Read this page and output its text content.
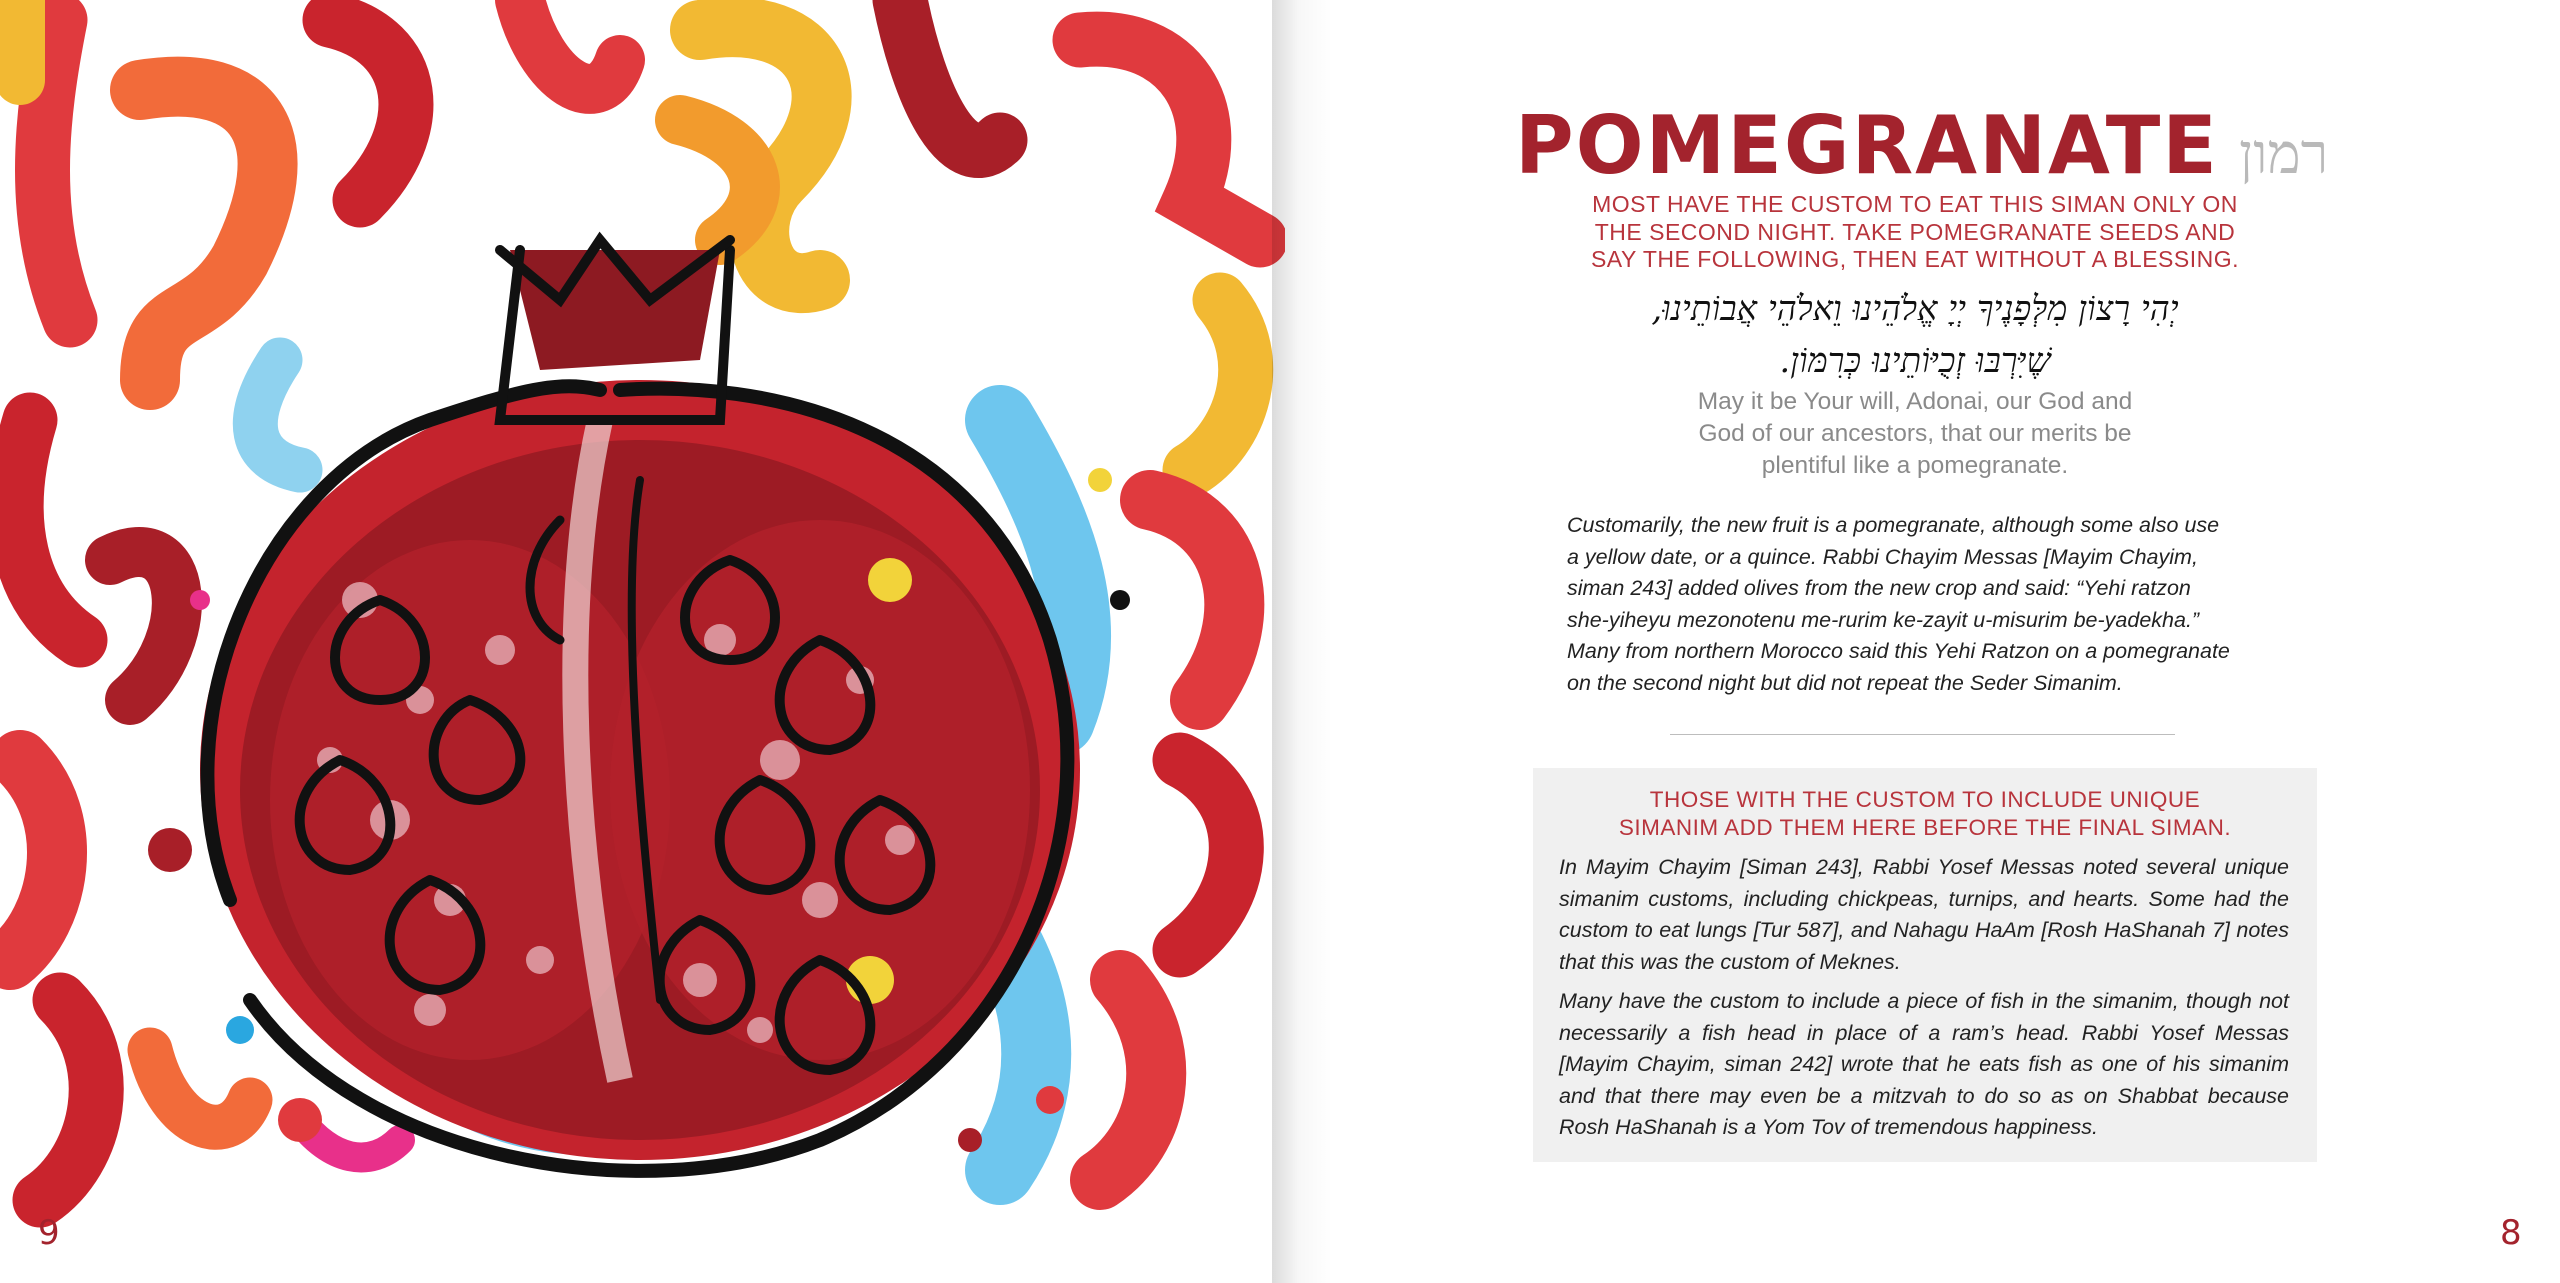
9
POMEGRANATE רמון
MOST HAVE THE CUSTOM TO EAT THIS SIMAN ONLY ON
THE SECOND NIGHT. TAKE POMEGRANATE SEEDS AND
SAY THE FOLLOWING, THEN EAT WITHOUT A BLESSING.
יְהִי רָצוֹן מִלְּפָנֶיךָ יְיָ אֱלֹהֵינוּ וֵאלֹהֵי אֲבוֹתֵינוּ,
שֶׁיִּרְבּוּ זְכֻיּוֹתֵינוּ כְּרִמּוֹן.
May it be Your will, Adonai, our God and
God of our ancestors, that our merits be
plentiful like a pomegranate.
Customarily, the new fruit is a pomegranate, although some also use
a yellow date, or a quince. Rabbi Chayim Messas [Mayim Chayim,
siman 243] added olives from the new crop and said: “Yehi ratzon
she-yiheyu mezonotenu me-rurim ke-zayit u-misurim be-yadekha.”
Many from northern Morocco said this Yehi Ratzon on a pomegranate
on the second night but did not repeat the Seder Simanim.
THOSE WITH THE CUSTOM TO INCLUDE UNIQUE
SIMANIM ADD THEM HERE BEFORE THE FINAL SIMAN.

In Mayim Chayim [Siman 243], Rabbi Yosef Messas noted several unique simanim customs, including chickpeas, turnips, and hearts. Some had the custom to eat lungs [Tur 587], and Nahagu HaAm [Rosh HaShanah 7] notes that this was the custom of Meknes.

Many have the custom to include a piece of fish in the simanim, though not necessarily a fish head in place of a ram’s head. Rabbi Yosef Messas [Mayim Chayim, siman 242] wrote that he eats fish as one of his simanim and that there may even be a mitzvah to do so as on Shabbat because Rosh HaShanah is a Yom Tov of tremendous happiness.

8
